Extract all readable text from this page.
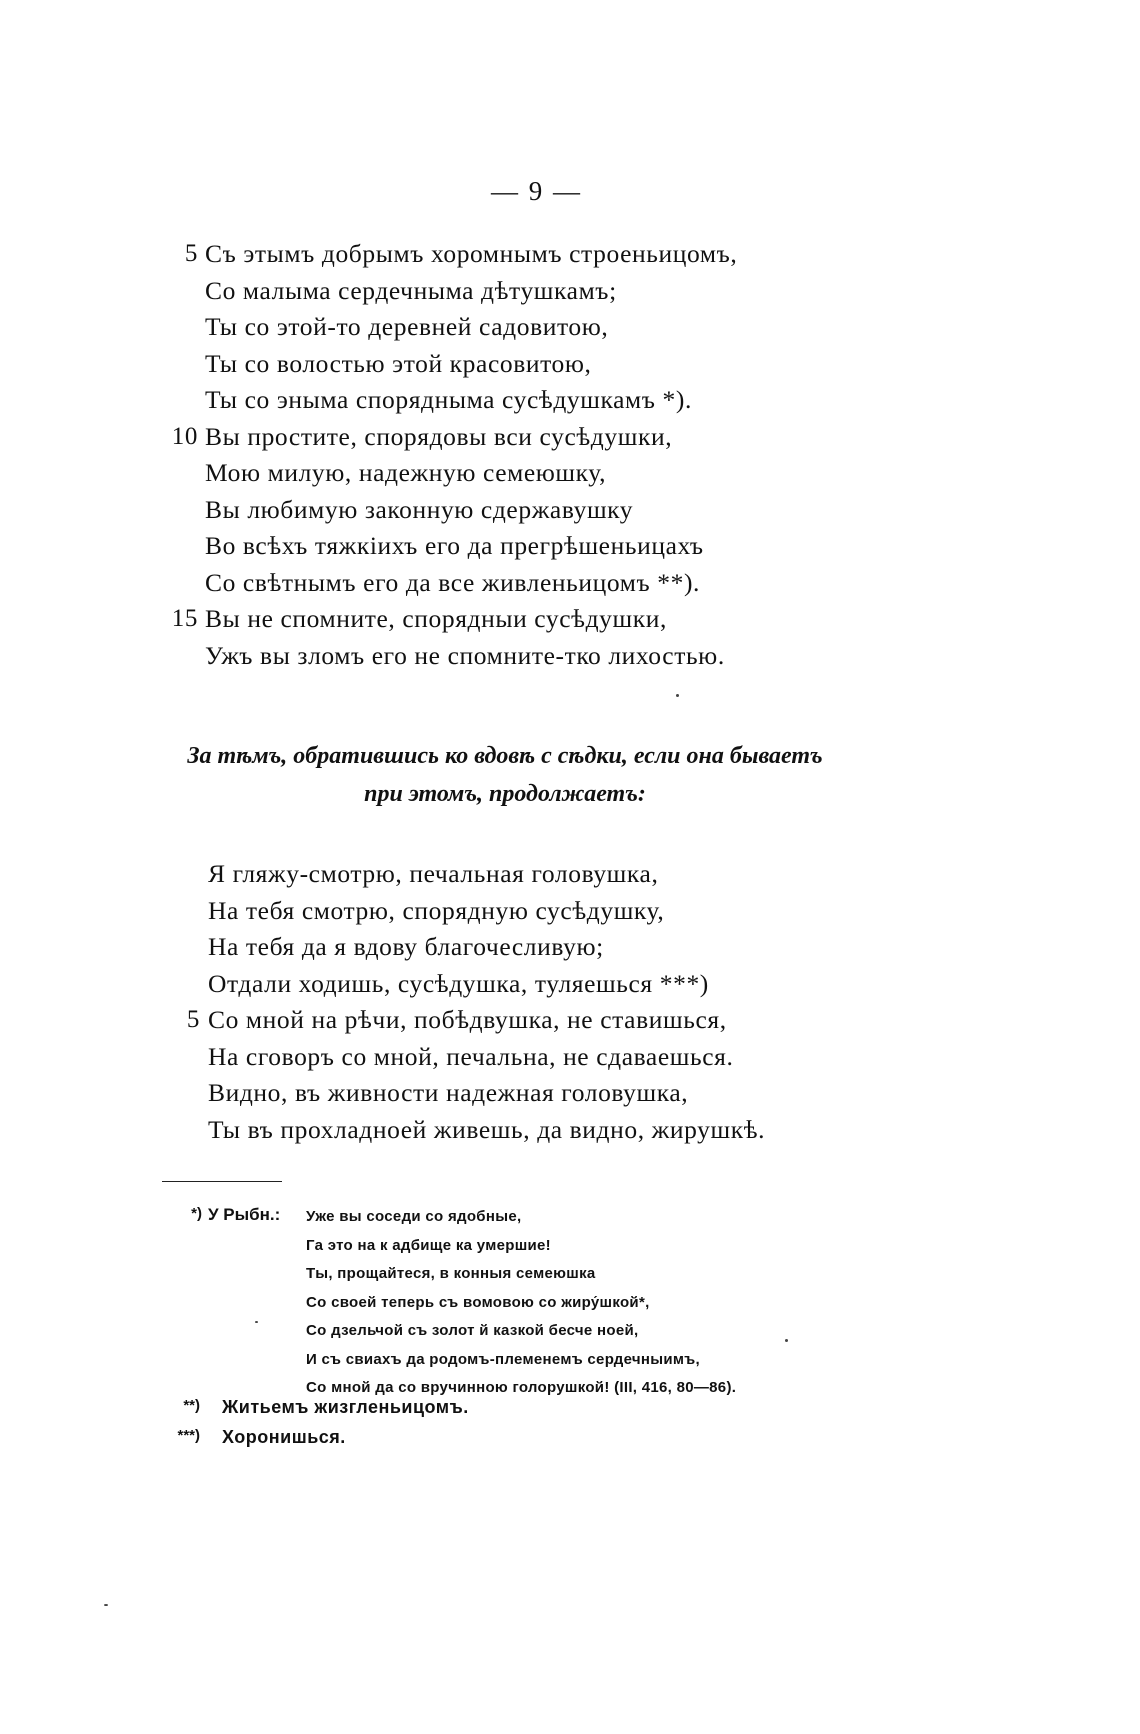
— 9 —
5 Съ этымъ добрымъ хоромнымъ строеньицомъ,
Со малыма сердечныма дѣтушкамъ;
Ты со этой-то деревней садовитою,
Ты со волостью этой красовитою,
Ты со эныма спорядныма сусѣдушкамъ *).
10 Вы простите, спорядовы вси сусѣдушки,
Мою милую, надежную семеюшку,
Вы любимую законную сдержавушку
Во всѣхъ тяжкiихъ его да прегрѣшеньицахъ
Со свѣтнымъ его да все живленьицомъ **).
15 Вы не спомните, спорядныи сусѣдушки,
Ужъ вы зломъ его не спомните-тко лихостью.
За тѣмъ, обратившись ко вдовѣ с сѣдки, если она бываетъ
при этомъ, продолжаетъ:
Я гляжу-смотрю, печальная головушка,
На тебя смотрю, спорядную сусѣдушку,
На тебя да я вдову благочесливую;
Отдали ходишь, сусѣдушка, туляешься ***)
5 Со мной на рѣчи, побѣдвушка, не ставишься,
На сговоръ со мной, печальна, не сдаваешься.
Видно, въ живности надежная головушка,
Ты въ прохладноей живешь, да видно, жирушкѣ.
*) У Рыбн.: Уже вы соседи со ядобные,
Га это на к адбище ка умершие!
Ты, прощайтеся, в конныя семеюшка
Со своей теперь съ вомовою со жиру́шкой*,
Со дзельчой съ золот й казкой бесче ноей,
И съ свиахъ да родомъ-племенемъ сердечныимъ,
Со мной да со вручинною голорушкой! (III, 416, 80—86).
**) Житьемъ жизгленьицомъ.
***) Хоронишься.
